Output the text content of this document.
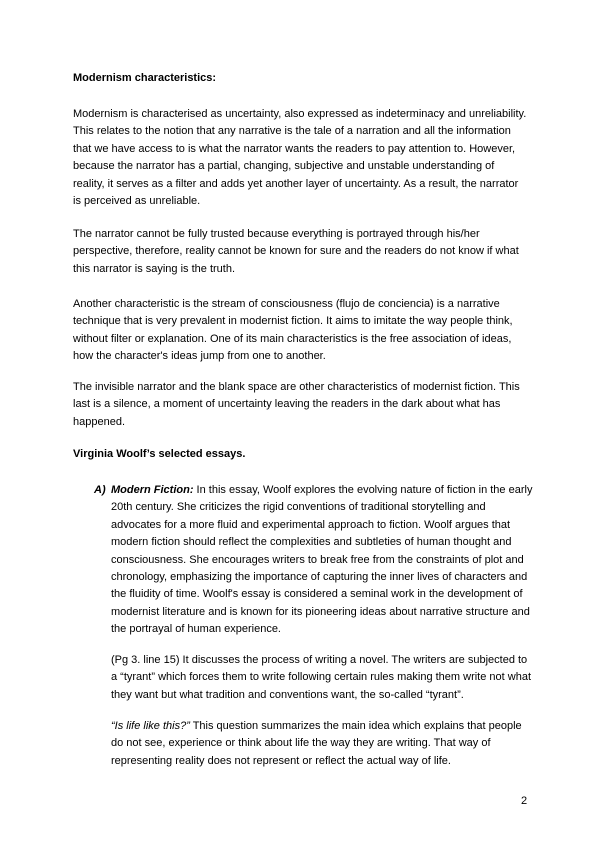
Modernism characteristics:

Modernism is characterised as uncertainty, also expressed as indeterminacy and unreliability. This relates to the notion that any narrative is the tale of a narration and all the information that we have access to is what the narrator wants the readers to pay attention to. However, because the narrator has a partial, changing, subjective and unstable understanding of reality, it serves as a filter and adds yet another layer of uncertainty. As a result, the narrator is perceived as unreliable.

The narrator cannot be fully trusted because everything is portrayed through his/her perspective, therefore, reality cannot be known for sure and the readers do not know if what this narrator is saying is the truth.

Another characteristic is the stream of consciousness (flujo de conciencia) is a narrative technique that is very prevalent in modernist fiction. It aims to imitate the way people think, without filter or explanation. One of its main characteristics is the free association of ideas, how the character's ideas jump from one to another.

The invisible narrator and the blank space are other characteristics of modernist fiction. This last is a silence, a moment of uncertainty leaving the readers in the dark about what has happened.

Virginia Woolf’s selected essays.

A) Modern Fiction: In this essay, Woolf explores the evolving nature of fiction in the early 20th century. She criticizes the rigid conventions of traditional storytelling and advocates for a more fluid and experimental approach to fiction. Woolf argues that modern fiction should reflect the complexities and subtleties of human thought and consciousness. She encourages writers to break free from the constraints of plot and chronology, emphasizing the importance of capturing the inner lives of characters and the fluidity of time. Woolf's essay is considered a seminal work in the development of modernist literature and is known for its pioneering ideas about narrative structure and the portrayal of human experience.

(Pg 3. line 15) It discusses the process of writing a novel. The writers are subjected to a “tyrant” which forces them to write following certain rules making them write not what they want but what tradition and conventions want, the so-called “tyrant”.

“Is life like this?” This question summarizes the main idea which explains that people do not see, experience or think about life the way they are writing. That way of representing reality does not represent or reflect the actual way of life.

2
